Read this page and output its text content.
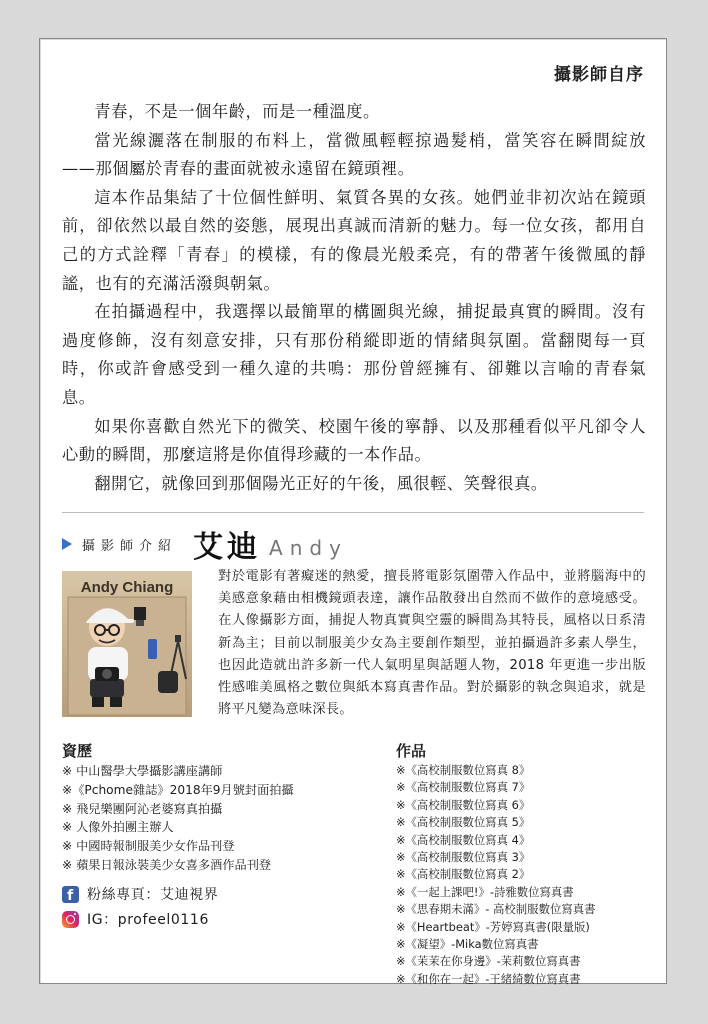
攝影師自序

青春，不是一個年齡，而是一種溫度。

當光線灑落在制服的布料上，當微風輕輕掠過髮梢，當笑容在瞬間綻放——那個屬於青春的畫面就被永遠留在鏡頭裡。

這本作品集結了十位個性鮮明、氣質各異的女孩。她們並非初次站在鏡頭前，卻依然以最自然的姿態，展現出真誠而清新的魅力。每一位女孩，都用自己的方式詮釋「青春」的模樣，有的像晨光般柔亮，有的帶著午後微風的靜謐，也有的充滿活潑與朝氣。

在拍攝過程中，我選擇以最簡單的構圖與光線，捕捉最真實的瞬間。沒有過度修飾，沒有刻意安排，只有那份稍縱即逝的情緒與氛圍。當翻閱每一頁時，你或許會感受到一種久違的共鳴：那份曾經擁有、卻難以言喻的青春氣息。

如果你喜歡自然光下的微笑、校園午後的寧靜、以及那種看似平凡卻令人心動的瞬間，那麼這將是你值得珍藏的一本作品。

翻開它，就像回到那個陽光正好的午後，風很輕、笑聲很真。

攝影師介紹 艾迪 Andy
Andy Chiang

對於電影有著癡迷的熱愛，擅長將電影氛圍帶入作品中，並將腦海中的美感意象藉由相機鏡頭表達，讓作品散發出自然而不做作的意境感受。在人像攝影方面，捕捉人物真實與空靈的瞬間為其特長，風格以日系清新為主；目前以制服美少女為主要創作類型，並拍攝過許多素人學生，也因此造就出許多新一代人氣明星與話題人物，2018 年更進一步出版性感唯美風格之數位與紙本寫真書作品。對於攝影的執念與追求，就是將平凡變為意味深長。

資歷
※ 中山醫學大學攝影講座講師
※《Pchome雜誌》2018年9月號封面拍攝
※ 飛兒樂團阿沁老婆寫真拍攝
※ 人像外拍團主辦人
※ 中國時報制服美少女作品刊登
※ 蘋果日報泳裝美少女喜多酒作品刊登
f 粉絲專頁：艾迪視界
IG：profeel0116
作品
※《高校制服數位寫真 8》
※《高校制服數位寫真 7》
※《高校制服數位寫真 6》
※《高校制服數位寫真 5》
※《高校制服數位寫真 4》
※《高校制服數位寫真 3》
※《高校制服數位寫真 2》
※《一起上課吧!》-詩雅數位寫真書
※《思春期未滿》- 高校制服數位寫真書
※《Heartbeat》-芳婷寫真書(限量版)
※《凝望》-Mika數位寫真書
※《茉茉在你身邊》-茉莉數位寫真書
※《和你在一起》-王緒綺數位寫真書
